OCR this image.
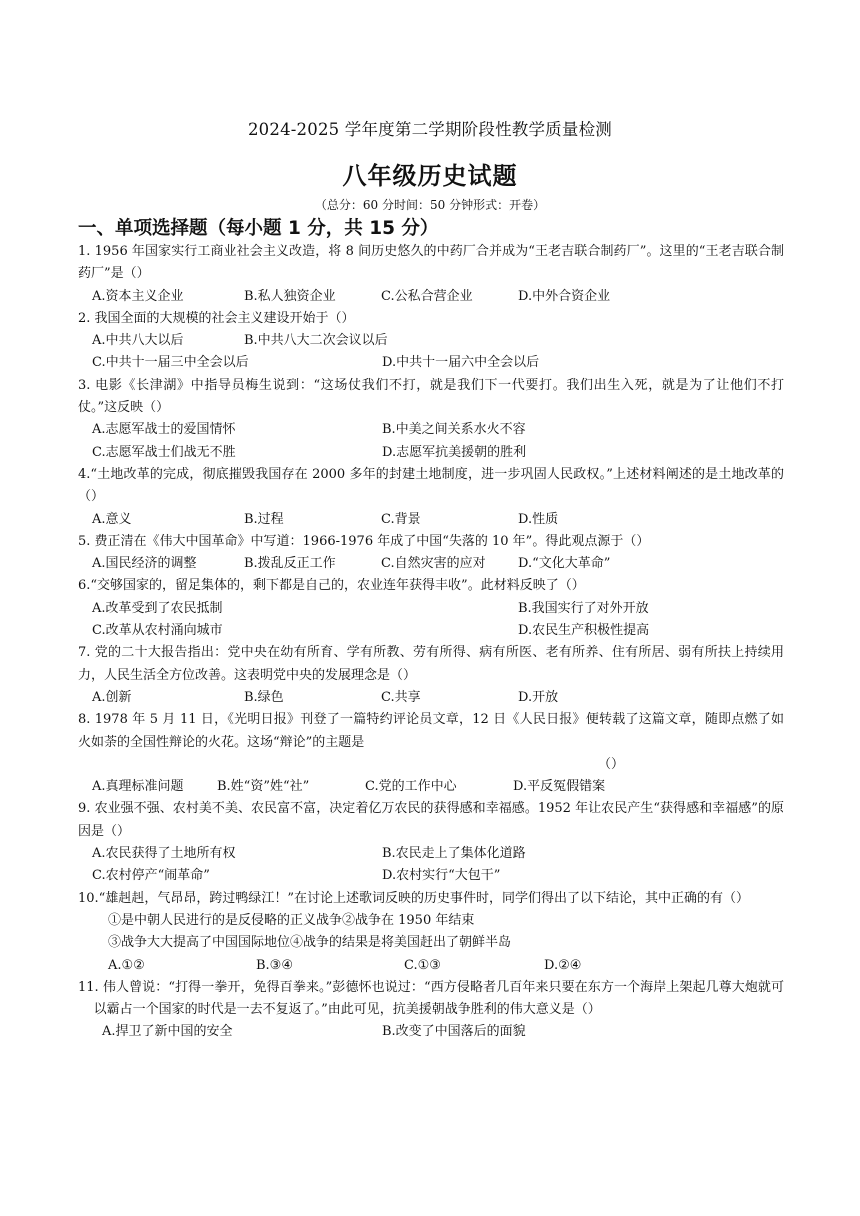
2024-2025 学年度第二学期阶段性教学质量检测
八年级历史试题
（总分：60 分时间：50 分钟形式：开卷）
一、单项选择题（每小题 1 分，共 15 分）
1. 1956 年国家实行工商业社会主义改造，将 8 间历史悠久的中药厂合并成为“王老吉联合制药厂”。这里的“王老吉联合制药厂”是（）
A.资本主义企业	B.私人独资企业	C.公私合营企业	D.中外合资企业
2. 我国全面的大规模的社会主义建设开始于（）
A.中共八大以后	B.中共八大二次会议以后
C.中共十一届三中全会以后	D.中共十一届六中全会以后
3. 电影《长津湖》中指导员梅生说到：“这场仗我们不打，就是我们下一代要打。我们出生入死，就是为了让他们不打仗。”这反映（）
A.志愿军战士的爱国情怀	B.中美之间关系水火不容
C.志愿军战士们战无不胜	D.志愿军抗美援朝的胜利
4.“土地改革的完成，彻底摧毁我国存在 2000 多年的封建土地制度，进一步巩固人民政权。”上述材料阐述的是土地改革的（）
A.意义	B.过程	C.背景	D.性质
5. 费正清在《伟大中国革命》中写道：1966-1976 年成了中国“失落的 10 年”。得此观点源于（）
A.国民经济的调整	B.拨乱反正工作	C.自然灾害的应对	D.“文化大革命”
6.“交够国家的，留足集体的，剩下都是自己的，农业连年获得丰收”。此材料反映了（）
A.改革受到了农民抵制	B.我国实行了对外开放
C.改革从农村涌向城市	D.农民生产积极性提高
7. 党的二十大报告指出：党中央在幼有所育、学有所教、劳有所得、病有所医、老有所养、住有所居、弱有所扶上持续用力，人民生活全方位改善。这表明党中央的发展理念是（）
A.创新	B.绿色	C.共享	D.开放
8. 1978 年 5 月 11 日，《光明日报》刊登了一篇特约评论员文章，12 日《人民日报》便转载了这篇文章，随即点燃了如火如荼的全国性辩论的火花。这场“辩论”的主题是
（）
A.真理标准问题	B.姓“资”姓“社”	C.党的工作中心	D.平反冤假错案
9. 农业强不强、农村美不美、农民富不富，决定着亿万农民的获得感和幸福感。1952 年让农民产生“获得感和幸福感”的原因是（）
A.农民获得了土地所有权	B.农民走上了集体化道路
C.农村停产“闹革命”	D.农村实行“大包干”
10.“雄赳赳，气昂昂，跨过鸭绿江！”在讨论上述歌词反映的历史事件时，同学们得出了以下结论，其中正确的有（）
①是中朝人民进行的是反侵略的正义战争②战争在 1950 年结束
③战争大大提高了中国国际地位④战争的结果是将美国赶出了朝鲜半岛
A.①②	B.③④	C.①③	D.②④
11. 伟人曾说：“打得一拳开，免得百拳来。”彭德怀也说过：“西方侵略者几百年来只要在东方一个海岸上架起几尊大炮就可以霸占一个国家的时代是一去不复返了。”由此可见，抗美援朝战争胜利的伟大意义是（）
A.捍卫了新中国的安全	B.改变了中国落后的面貌
